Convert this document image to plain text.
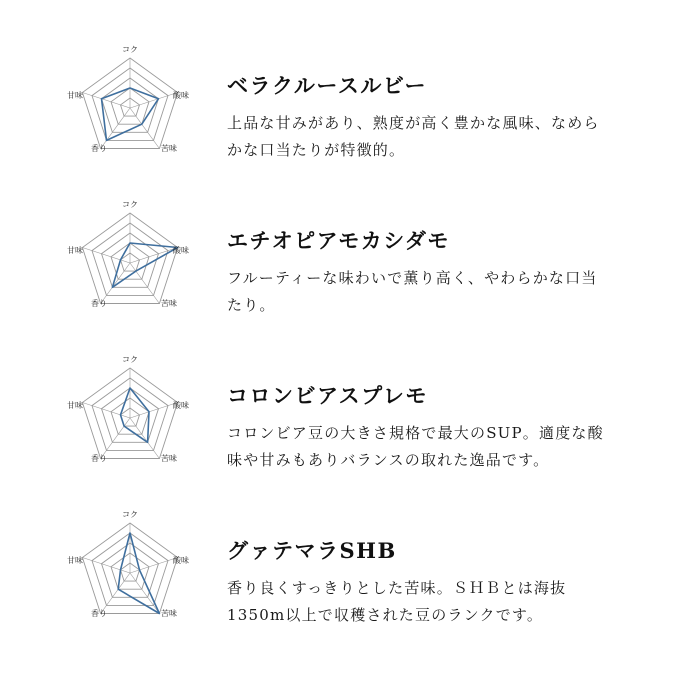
コク
酸味
苦味
香り
甘味	ベラクルースルビー

上品な甘みがあり、熟度が高く豊かな風味、なめら
かな口当たりが特徴的。

コク
酸味
苦味
香り
甘味	エチオピアモカシダモ

フルーティーな味わいで薫り高く、やわらかな口当
たり。

コク
酸味
苦味
香り
甘味	コロンビアスプレモ

コロンビア豆の大きさ規格で最大のSUP。適度な酸
味や甘みもありバランスの取れた逸品です。

コク
酸味
苦味
香り
甘味	グァテマラSHB

香り良くすっきりとした苦味。ＳＨＢとは海抜
1350m以上で収穫された豆のランクです。
